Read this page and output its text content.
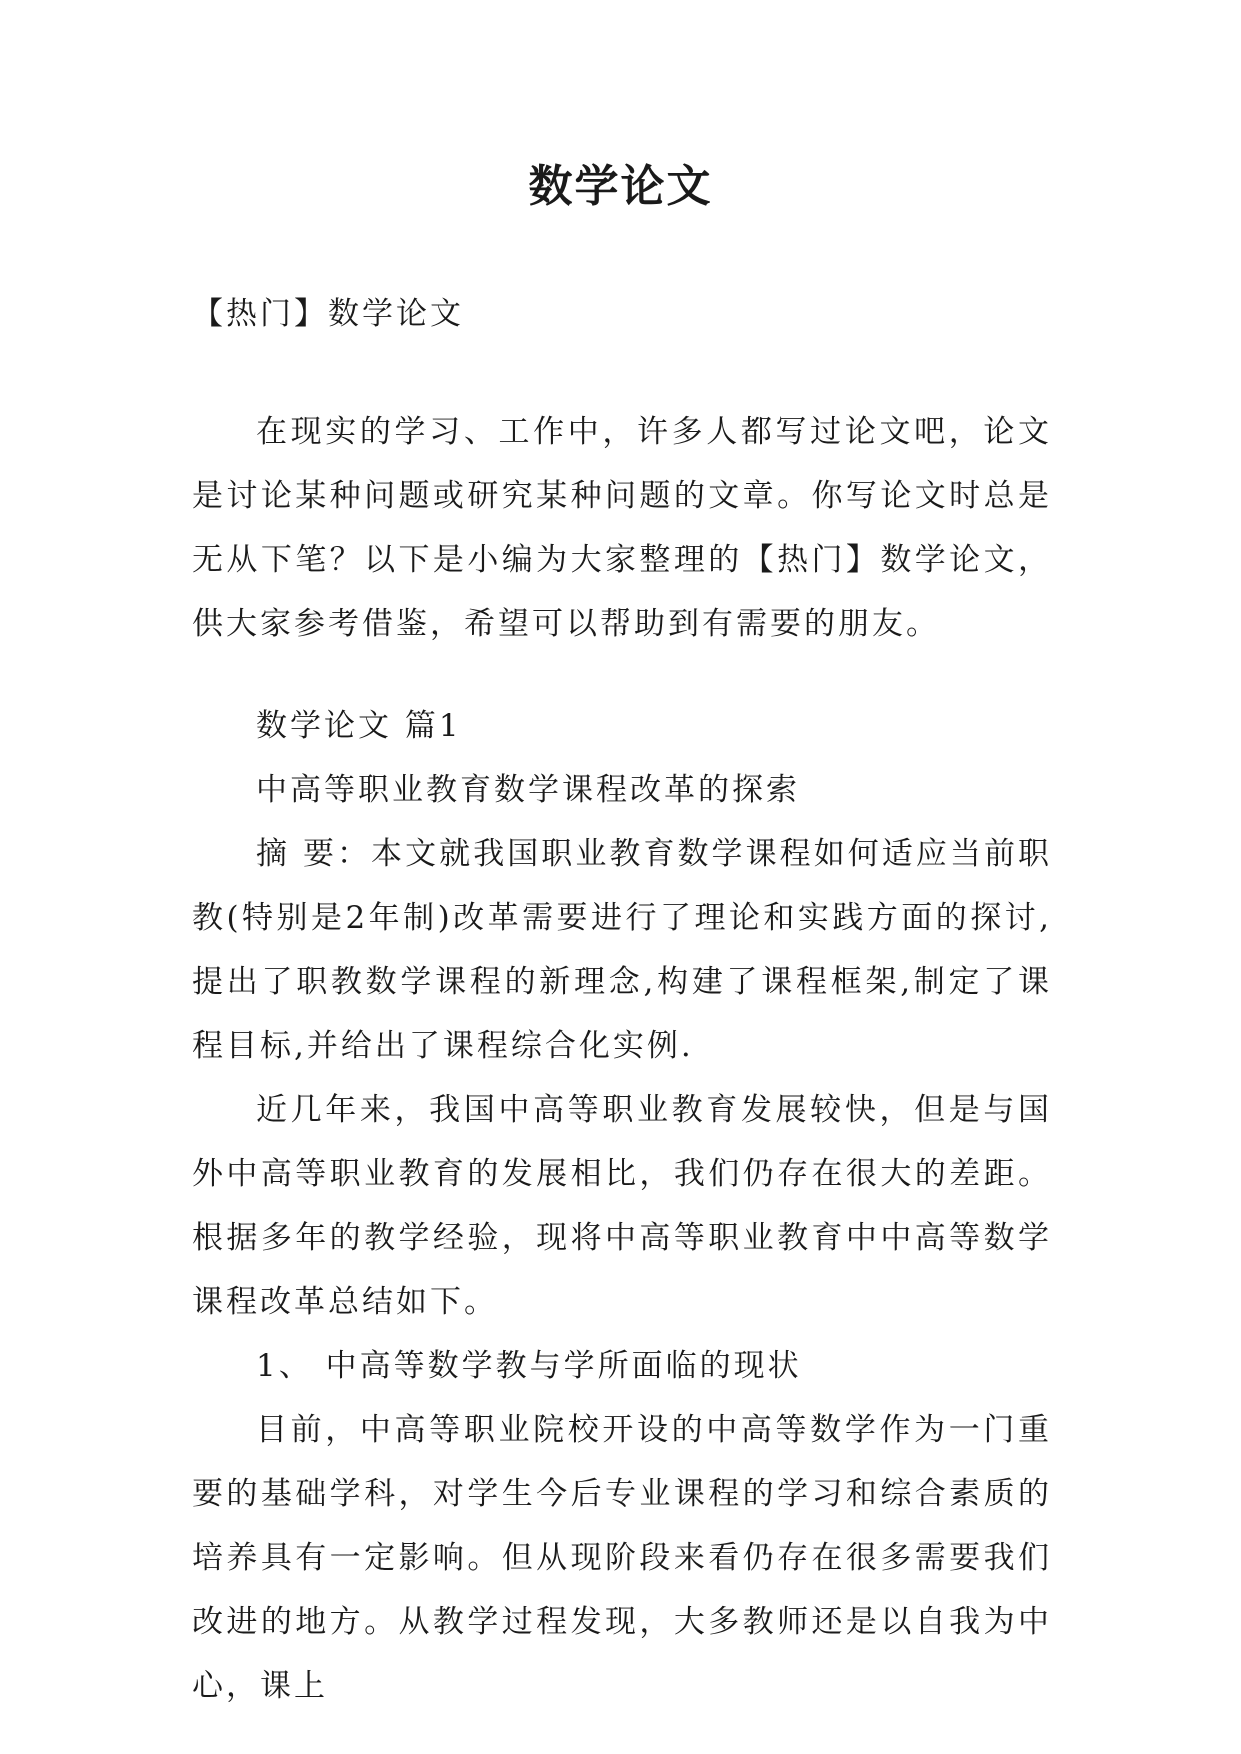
数学论文

【热门】数学论文

在现实的学习、工作中，许多人都写过论文吧，论文是讨论某种问题或研究某种问题的文章。你写论文时总是无从下笔？以下是小编为大家整理的【热门】数学论文，供大家参考借鉴，希望可以帮助到有需要的朋友。

数学论文 篇1

中高等职业教育数学课程改革的探索

摘 要：本文就我国职业教育数学课程如何适应当前职教(特别是2年制)改革需要进行了理论和实践方面的探讨,提出了职教数学课程的新理念,构建了课程框架,制定了课程目标,并给出了课程综合化实例.

近几年来，我国中高等职业教育发展较快，但是与国外中高等职业教育的发展相比，我们仍存在很大的差距。根据多年的教学经验，现将中高等职业教育中中高等数学课程改革总结如下。

1、 中高等数学教与学所面临的现状

目前，中高等职业院校开设的中高等数学作为一门重要的基础学科，对学生今后专业课程的学习和综合素质的培养具有一定影响。但从现阶段来看仍存在很多需要我们改进的地方。从教学过程发现，大多教师还是以自我为中心，课上
